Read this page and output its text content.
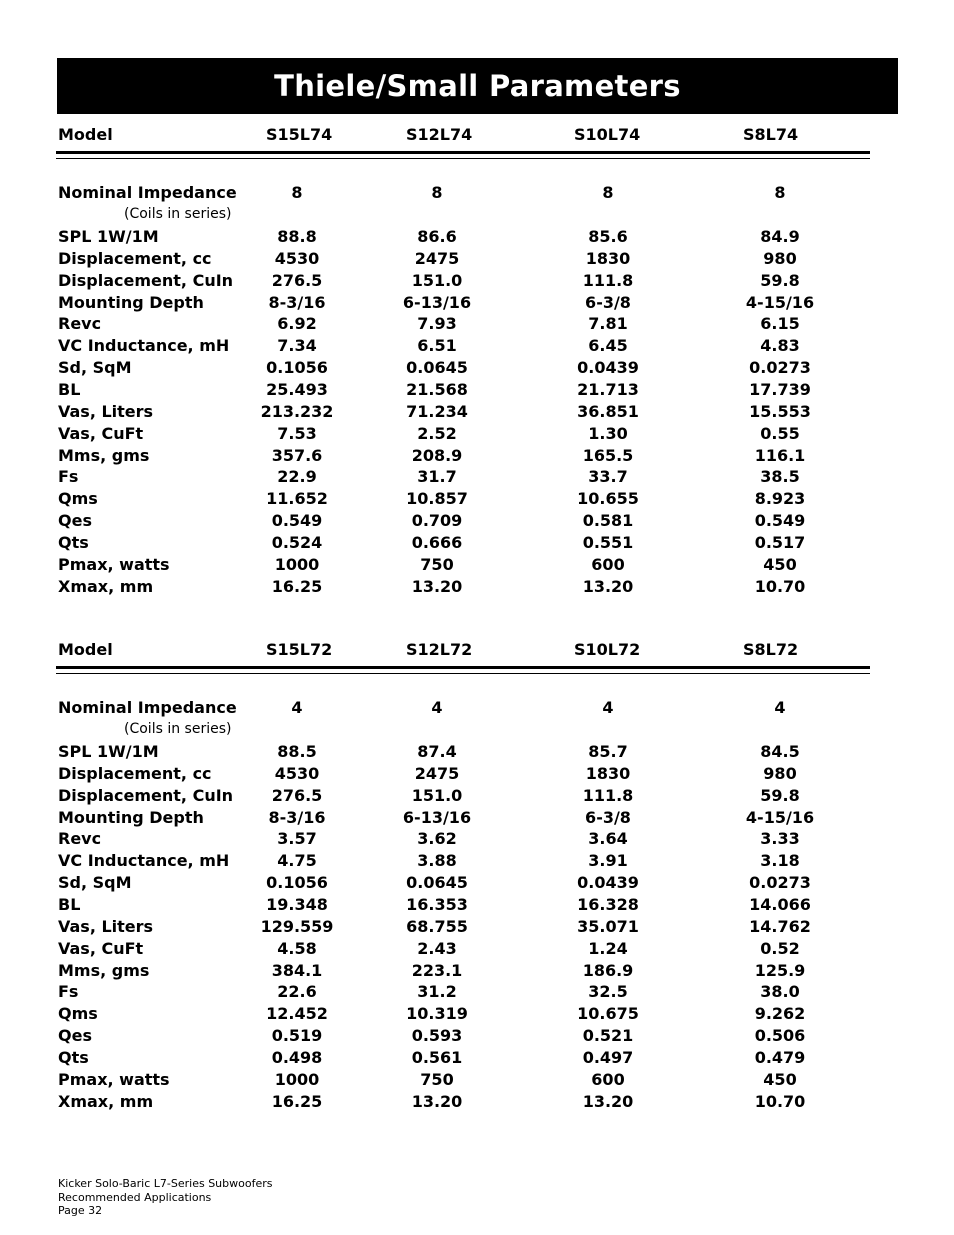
Thiele/Small Parameters
Model	S15L74	S12L74	S10L74	S8L74
Nominal Impedance	8	8	8	8
(Coils in series)
SPL 1W/1M	88.8	86.6	85.6	84.9
Displacement, cc	4530	2475	1830	980
Displacement, CuIn 276.5	151.0	111.8	59.8
Mounting Depth	8-3/16	6-13/16	6-3/8	4-15/16
Revc	6.92	7.93	7.81	6.15
VC Inductance, mH	7.34	6.51	6.45	4.83
Sd, SqM	0.1056	0.0645	0.0439	0.0273
BL	25.493	21.568	21.713	17.739
Vas, Liters	213.232	71.234	36.851	15.553
Vas, CuFt	7.53	2.52	1.30	0.55
Mms, gms	357.6	208.9	165.5	116.1
Fs	22.9	31.7	33.7	38.5
Qms	11.652	10.857	10.655	8.923
Qes	0.549	0.709	0.581	0.549
Qts	0.524	0.666	0.551	0.517
Pmax, watts	1000	750	600	450
Xmax, mm	16.25	13.20	13.20	10.70
Model	S15L72	S12L72	S10L72	S8L72
Nominal Impedance	4	4	4	4
(Coils in series)
SPL 1W/1M	88.5	87.4	85.7	84.5
Displacement, cc	4530	2475	1830	980
Displacement, CuIn 276.5	151.0	111.8	59.8
Mounting Depth	8-3/16	6-13/16	6-3/8	4-15/16
Revc	3.57	3.62	3.64	3.33
VC Inductance, mH	4.75	3.88	3.91	3.18
Sd, SqM	0.1056	0.0645	0.0439	0.0273
BL	19.348	16.353	16.328	14.066
Vas, Liters	129.559	68.755	35.071	14.762
Vas, CuFt	4.58	2.43	1.24	0.52
Mms, gms	384.1	223.1	186.9	125.9
Fs	22.6	31.2	32.5	38.0
Qms	12.452	10.319	10.675	9.262
Qes	0.519	0.593	0.521	0.506
Qts	0.498	0.561	0.497	0.479
Pmax, watts	1000	750	600	450
Xmax, mm	16.25	13.20	13.20	10.70
Kicker Solo-Baric L7-Series Subwoofers
Recommended Applications
Page 32
